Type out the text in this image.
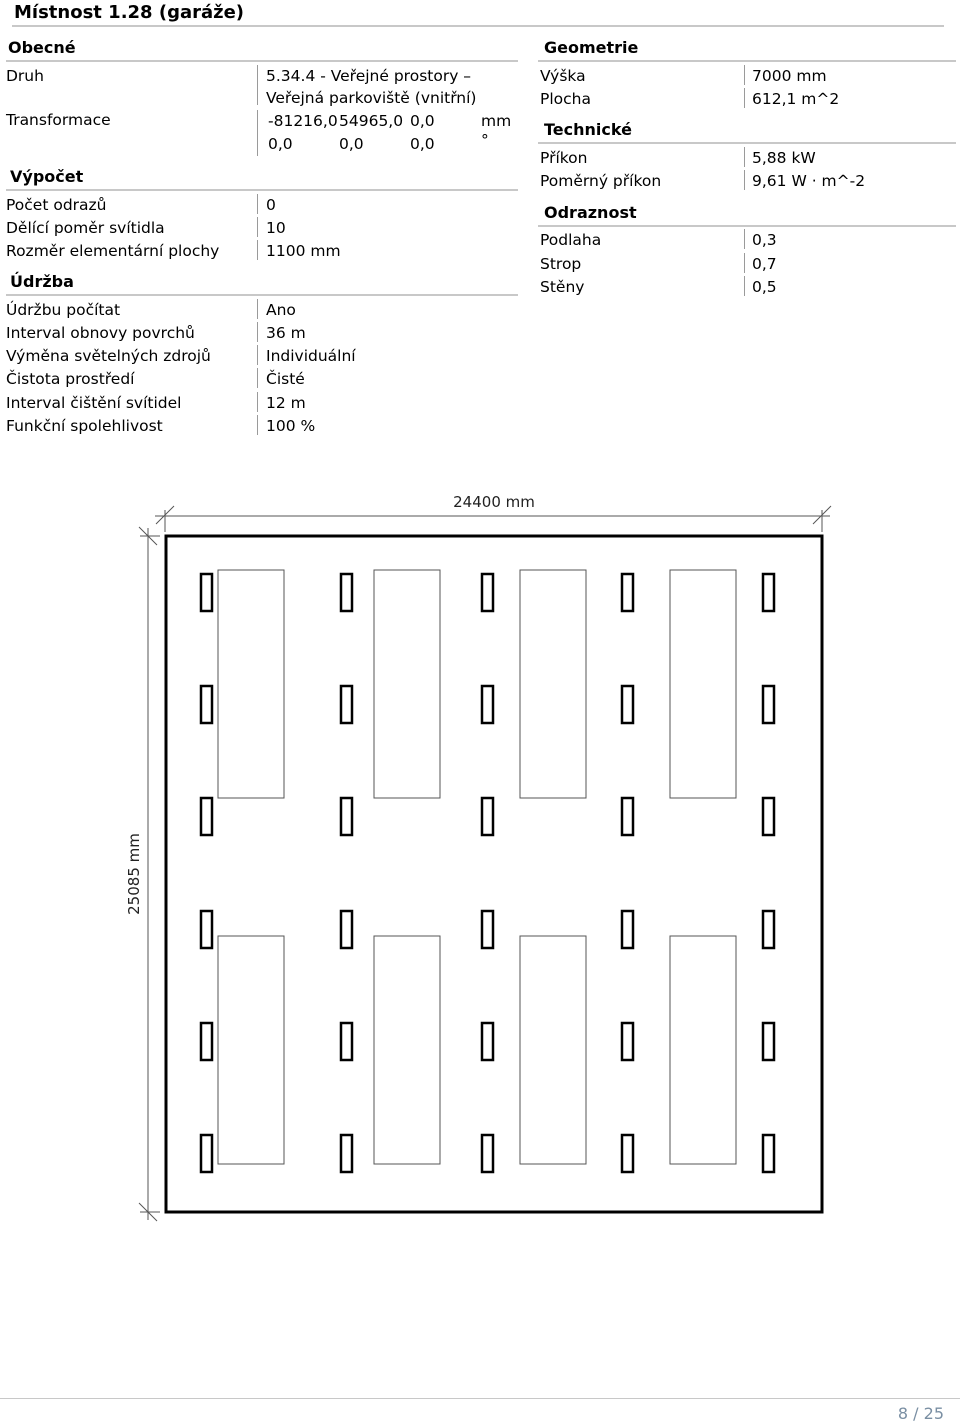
Místnost 1.28 (garáže)
Obecné
Druh	5.34.4 - Veřejné prostory –
Veřejná parkoviště (vnitřní)
Transformace	-81216,0 54965,0 0,0	mm
0,0	0,0	0,0	°
Výpočet
Počet odrazů	0
Dělící poměr svítidla	10
Rozměr elementární plochy	1100 mm
Údržba
Údržbu počítat	Ano
Interval obnovy povrchů	36 m
Výměna světelných zdrojů	Individuální
Čistota prostředí	Čisté
Interval čištění svítidel	12 m
Funkční spolehlivost	100 %
Geometrie
Výška	7000 mm
Plocha	612,1 m^2
Technické
Příkon	5,88 kW
Poměrný příkon	9,61 W · m^-2
Odraznost
Podlaha	0,3
Strop	0,7
Stěny	0,5
24400 mm
25085 mm
8 / 25
